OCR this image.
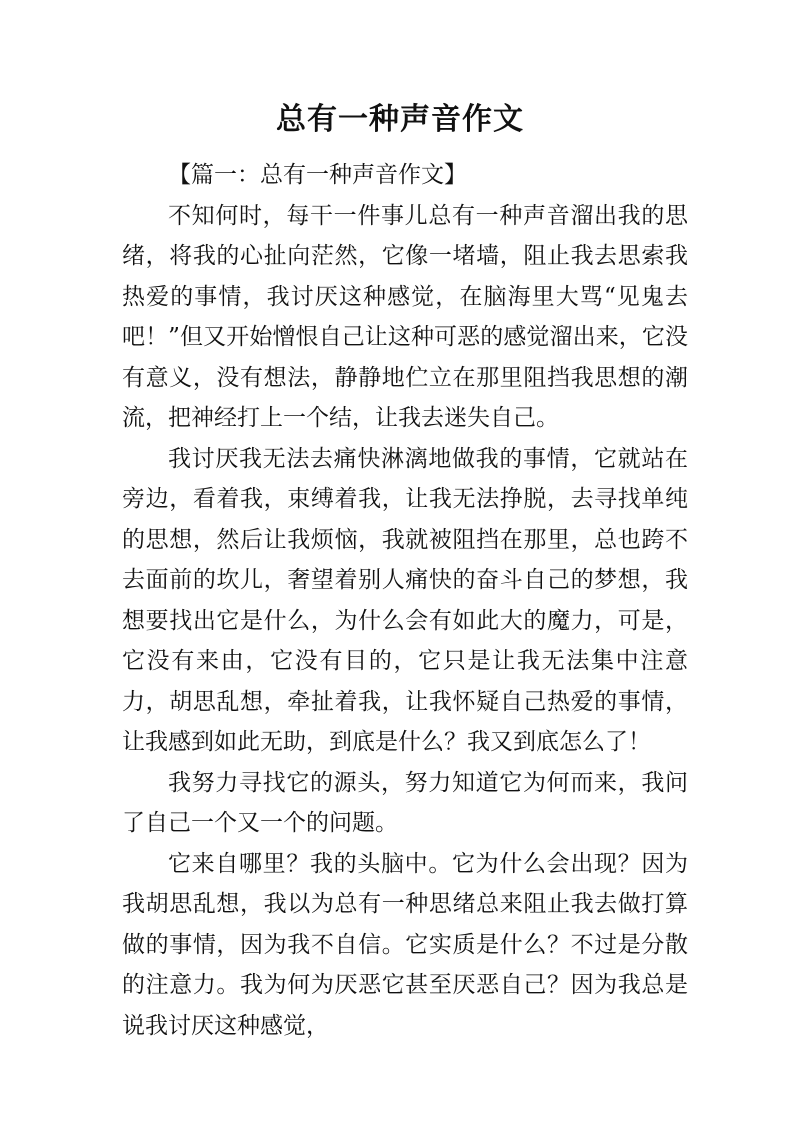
总有一种声音作文

【篇一：总有一种声音作文】

不知何时，每干一件事儿总有一种声音溜出我的思绪，将我的心扯向茫然，它像一堵墙，阻止我去思索我热爱的事情，我讨厌这种感觉，在脑海里大骂“见鬼去吧！”但又开始憎恨自己让这种可恶的感觉溜出来，它没有意义，没有想法，静静地伫立在那里阻挡我思想的潮流，把神经打上一个结，让我去迷失自己。

我讨厌我无法去痛快淋漓地做我的事情，它就站在旁边，看着我，束缚着我，让我无法挣脱，去寻找单纯的思想，然后让我烦恼，我就被阻挡在那里，总也跨不去面前的坎儿，奢望着别人痛快的奋斗自己的梦想，我想要找出它是什么，为什么会有如此大的魔力，可是，它没有来由，它没有目的，它只是让我无法集中注意力，胡思乱想，牵扯着我，让我怀疑自己热爱的事情，让我感到如此无助，到底是什么？我又到底怎么了！

我努力寻找它的源头，努力知道它为何而来，我问了自己一个又一个的问题。

它来自哪里？我的头脑中。它为什么会出现？因为我胡思乱想，我以为总有一种思绪总来阻止我去做打算做的事情，因为我不自信。它实质是什么？不过是分散的注意力。我为何为厌恶它甚至厌恶自己？因为我总是说我讨厌这种感觉，
